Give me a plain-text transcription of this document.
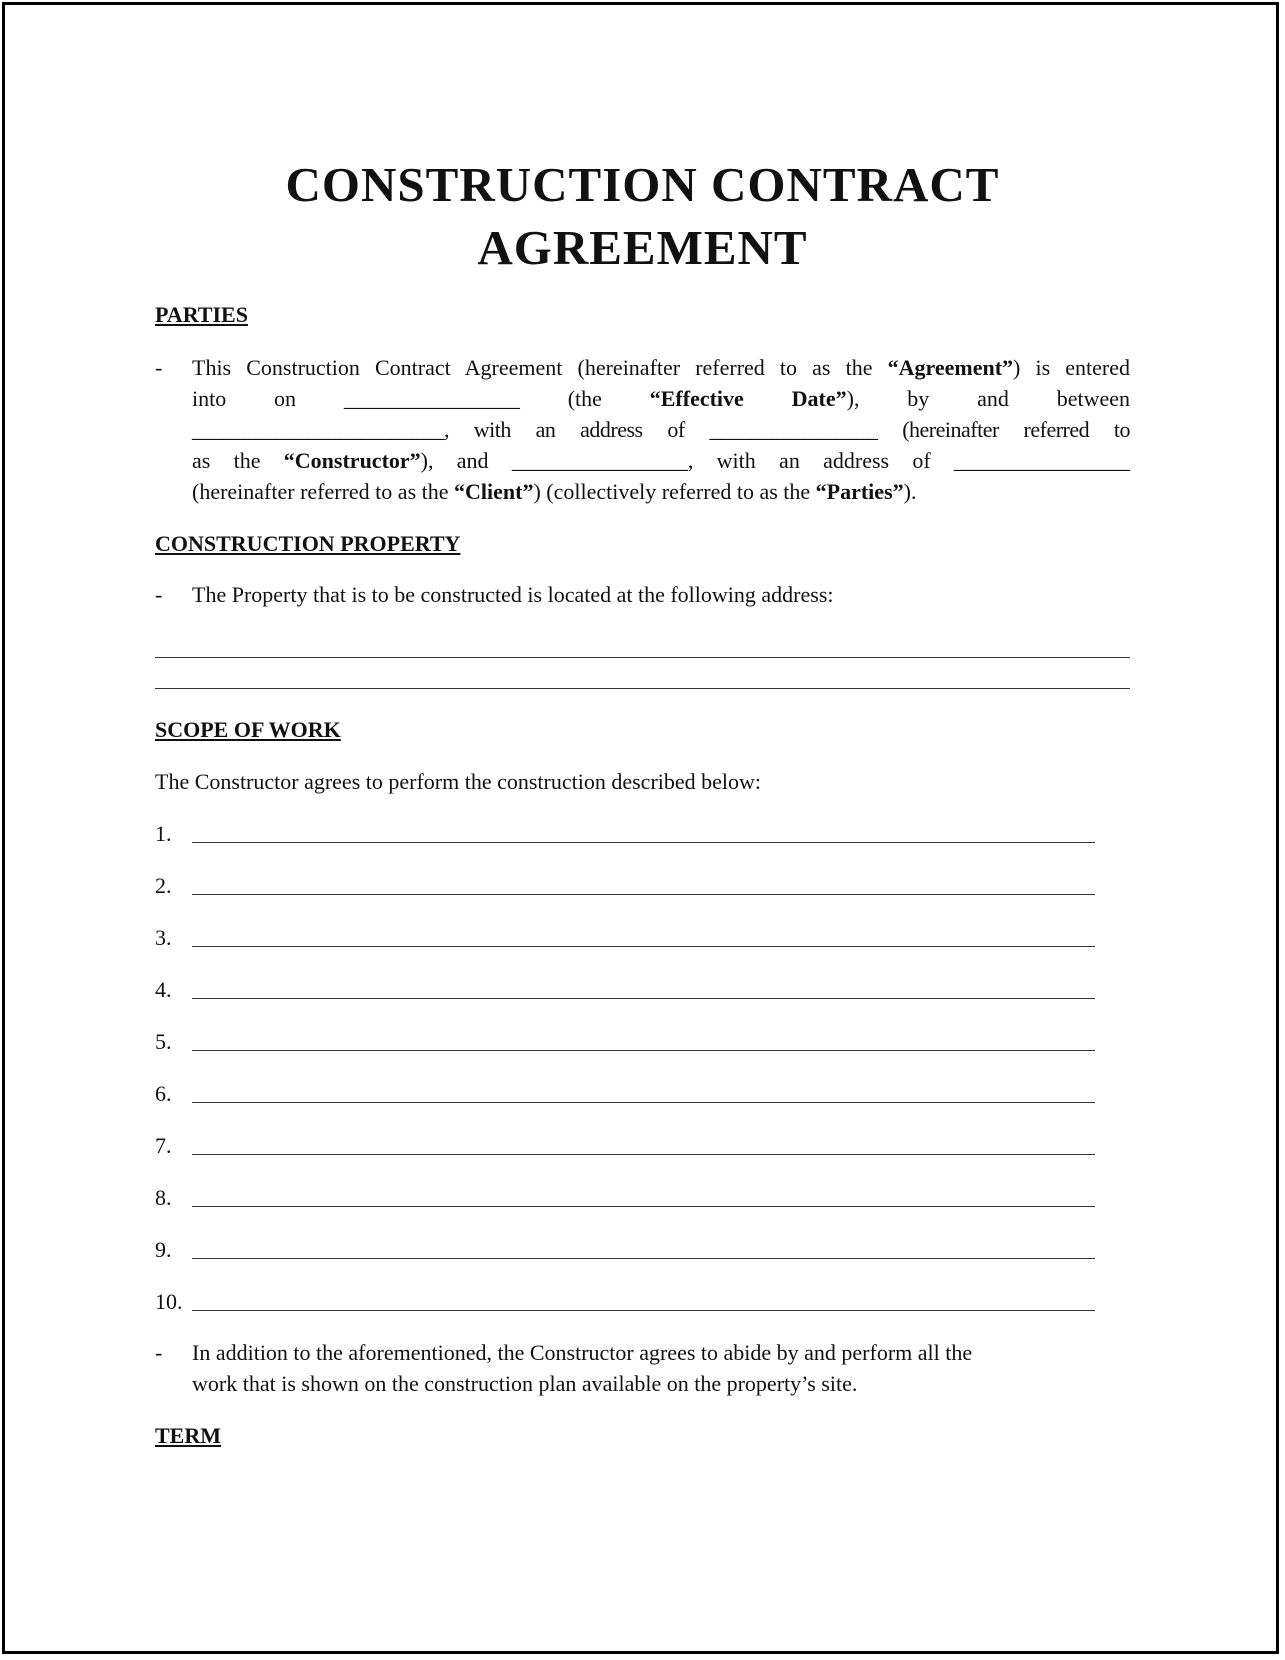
CONSTRUCTION CONTRACT
AGREEMENT
PARTIES
- This Construction Contract Agreement (hereinafter referred to as the “Agreement”) is entered
into on ________________ (the “Effective Date”), by and between
________________________, with an address of ________________ (hereinafter referred to
as the “Constructor”), and ________________, with an address of ________________
(hereinafter referred to as the “Client”) (collectively referred to as the “Parties”).
CONSTRUCTION PROPERTY
- The Property that is to be constructed is located at the following address:
SCOPE OF WORK
The Constructor agrees to perform the construction described below:
1.
2.
3.
4.
5.
6.
7.
8.
9.
10.
- In addition to the aforementioned, the Constructor agrees to abide by and perform all the
work that is shown on the construction plan available on the property’s site.
TERM
